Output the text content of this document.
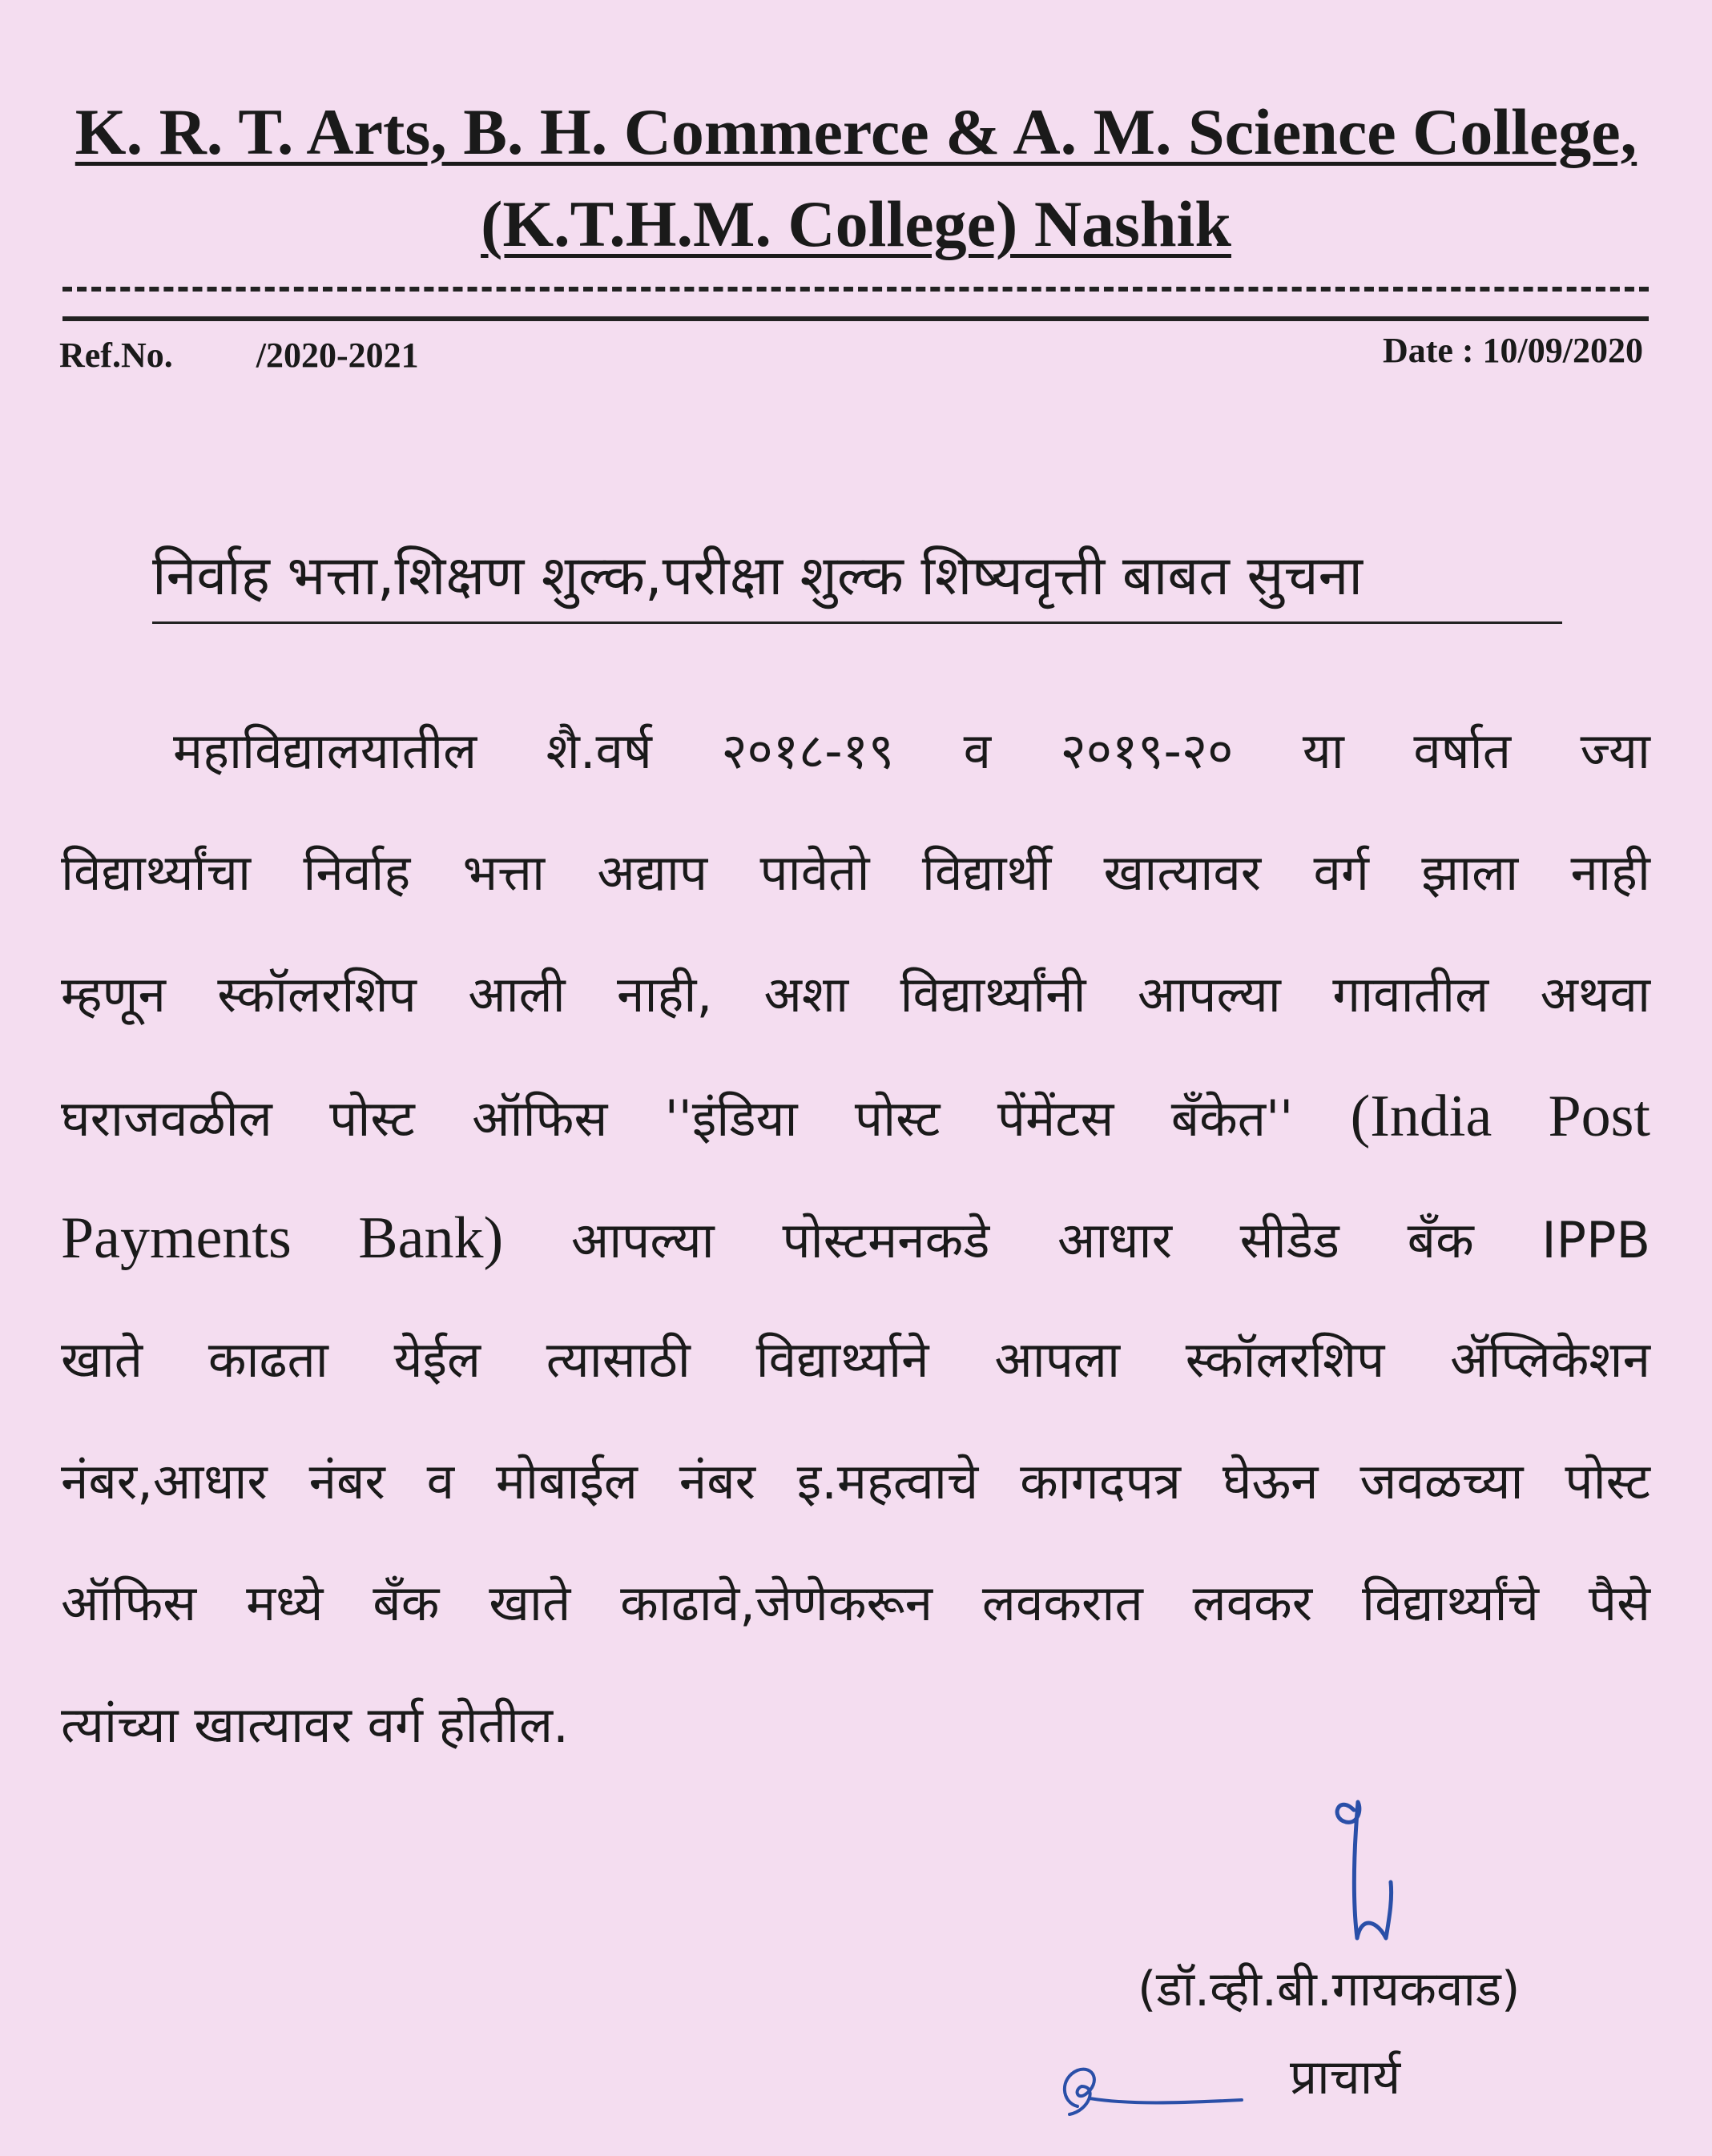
K. R. T. Arts, B. H. Commerce & A. M. Science College,
(K.T.H.M. College) Nashik
Ref.No. /2020-2021	Date : 10/09/2020
निर्वाह भत्ता,शिक्षण शुल्क,परीक्षा शुल्क शिष्यवृत्ती बाबत सुचना
महाविद्यालयातील शै.वर्ष २०१८-१९ व २०१९-२० या वर्षात ज्या
विद्यार्थ्यांचा निर्वाह भत्ता अद्याप पावेतो विद्यार्थी खात्यावर वर्ग झाला नाही
म्हणून स्कॉलरशिप आली नाही, अशा विद्यार्थ्यांनी आपल्या गावातील अथवा
घराजवळील पोस्ट ऑफिस ''इंडिया पोस्ट पेंमेंटस बँकेत'' (India Post
Payments Bank) आपल्या पोस्टमनकडे आधार सीडेड बँक IPPB
खाते काढता येईल त्यासाठी विद्यार्थ्याने आपला स्कॉलरशिप ॲप्लिकेशन
नंबर,आधार नंबर व मोबाईल नंबर इ.महत्वाचे कागदपत्र घेऊन जवळच्या पोस्ट
ऑफिस मध्ये बँक खाते काढावे,जेणेकरून लवकरात लवकर विद्यार्थ्यांचे पैसे
त्यांच्या खात्यावर वर्ग होतील.
(डॉ.व्ही.बी.गायकवाड)
प्राचार्य
